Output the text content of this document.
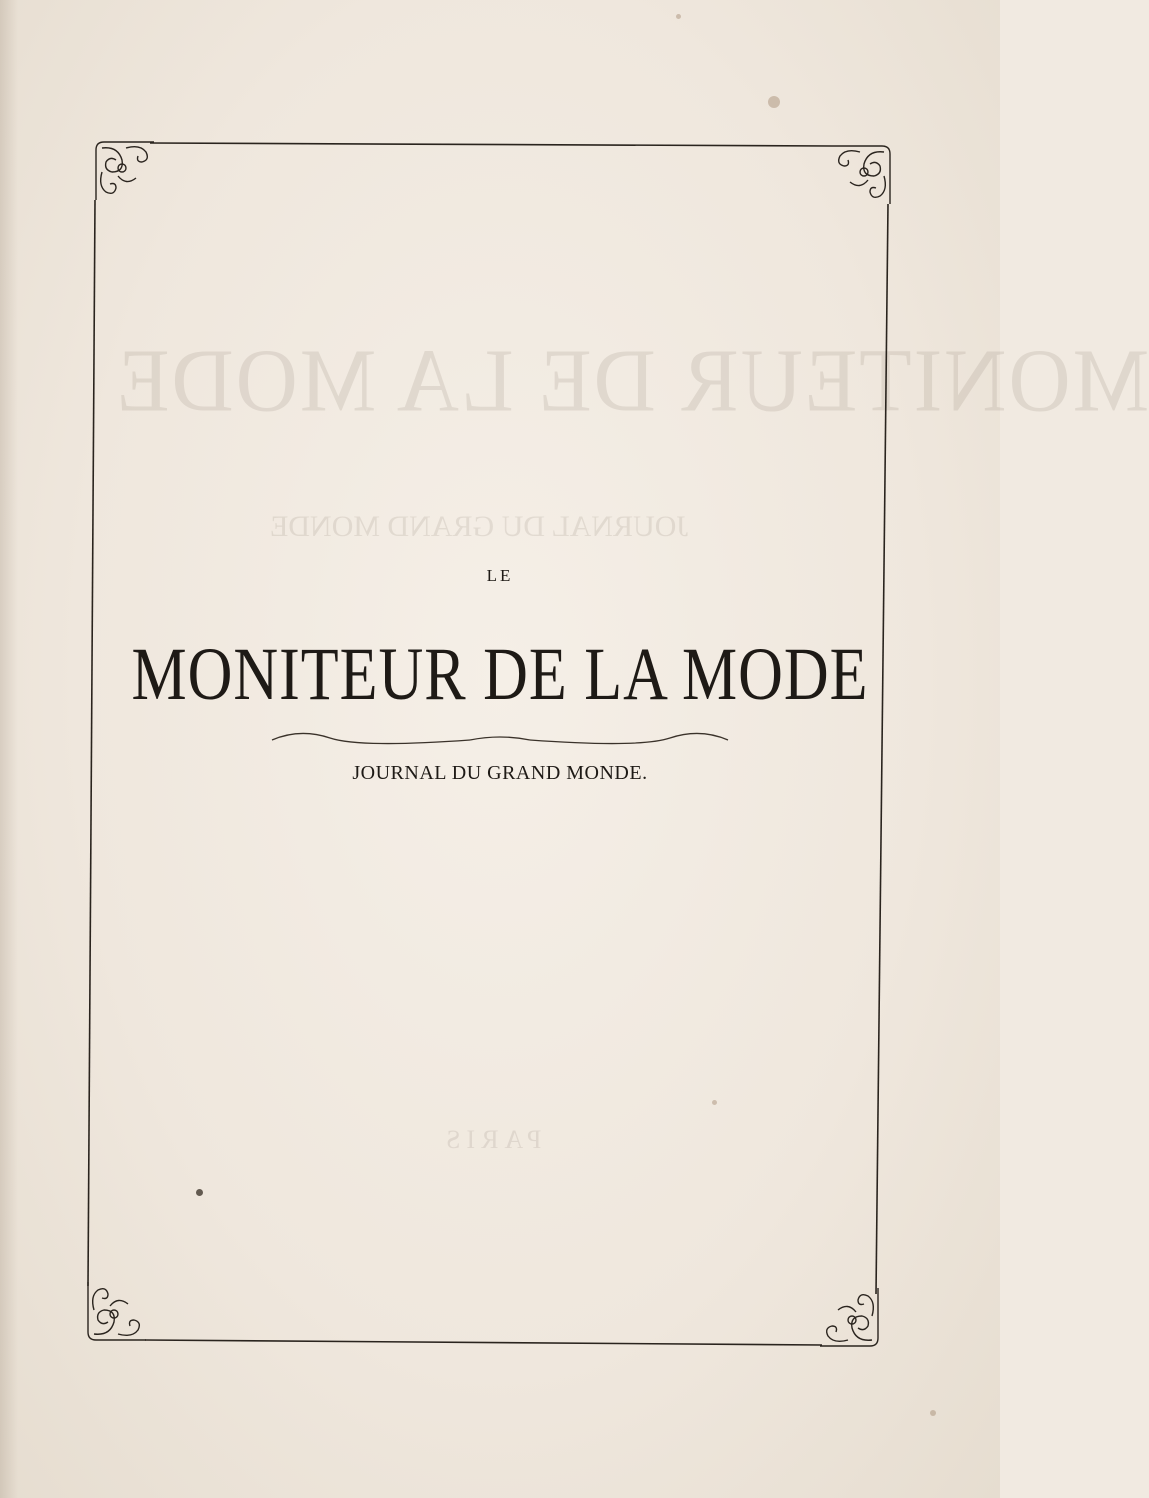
MONITEUR DE LA MODE
JOURNAL DU GRAND MONDE
PARIS
LE
MONITEUR DE LA MODE
JOURNAL DU GRAND MONDE.
